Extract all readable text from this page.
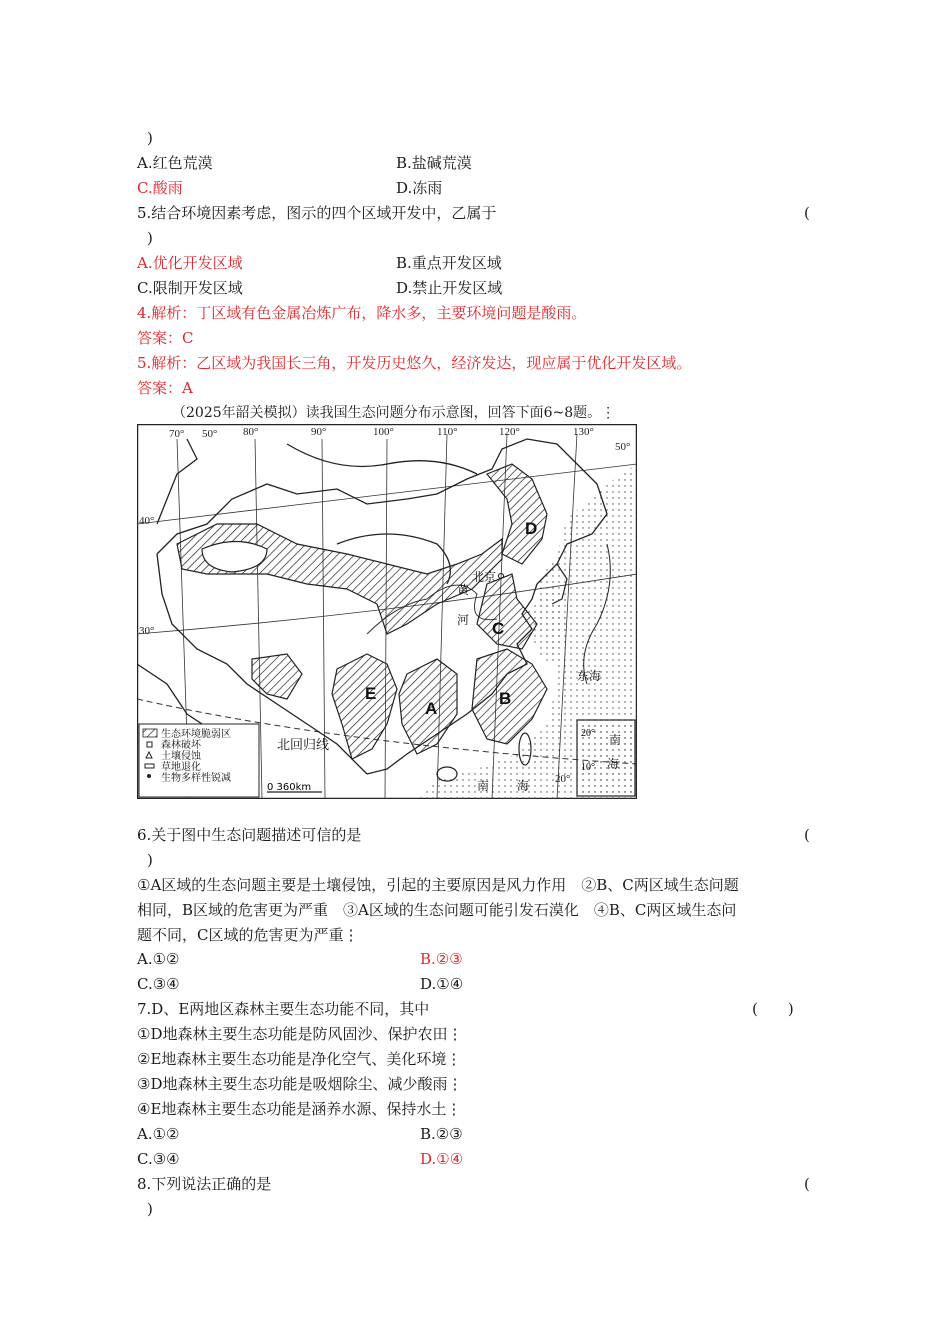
)
A.红色荒漠	B.盐碱荒漠
C.酸雨	D.冻雨
5.结合环境因素考虑，图示的四个区域开发中，乙属于	(
)
A.优化开发区域	B.重点开发区域
C.限制开发区域	D.禁止开发区域
4.解析：丁区域有色金属冶炼广布，降水多，主要环境问题是酸雨。
答案：C
5.解析：乙区域为我国长三角，开发历史悠久，经济发达，现应属于优化开发区域。
答案：A
（2025年韶关模拟）读我国生态问题分布示意图，回答下面6~8题。⋮
D
C
E
A
B
70° 50° 80°	90°	100°	110°	120°	130°
50°
40°
30°
20°
北京
黄
河
东海
南 海
北回归线
20°
10°
生态环境脆弱区
森林破坏
土壤侵蚀
草地退化
生物多样性锐减
0 360km
6.关于图中生态问题描述可信的是	(
)
①A区域的生态问题主要是土壤侵蚀，引起的主要原因是风力作用　②B、C两区域生态问题
相同，B区域的危害更为严重　③A区域的生态问题可能引发石漠化　④B、C两区域生态问
题不同，C区域的危害更为严重⋮
A.①②	B.②③
C.③④	D.①④
7.D、E两地区森林主要生态功能不同，其中	(　　)
①D地森林主要生态功能是防风固沙、保护农田⋮
②E地森林主要生态功能是净化空气、美化环境⋮
③D地森林主要生态功能是吸烟除尘、减少酸雨⋮
④E地森林主要生态功能是涵养水源、保持水土⋮
A.①②	B.②③
C.③④	D.①④
8.下列说法正确的是	(
)
